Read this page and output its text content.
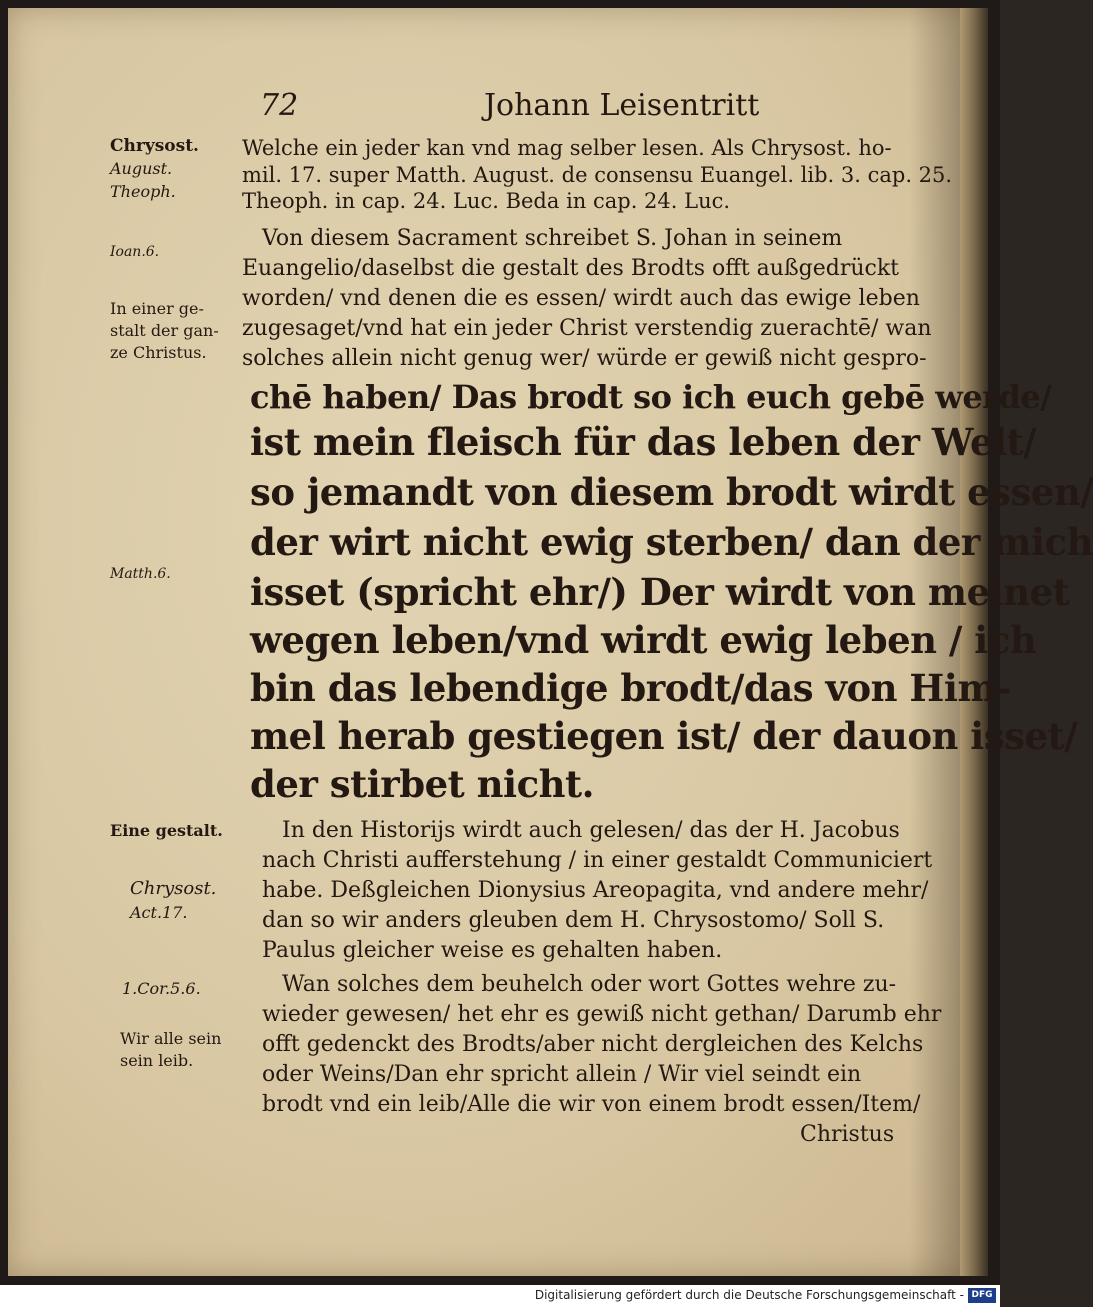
72	Johann Leisentritt
Chrysost.
August.
Theoph.
Ioan.6.
In einer ge-
stalt der gan-
ze Christus.
Matth.6.
Eine gestalt.
Chrysost.
Act.17.
1.Cor.5.6.
Wir alle sein
sein leib.
Welche ein jeder kan vnd mag selber lesen. Als Chrysost. ho-
mil. 17. super Matth. August. de consensu Euangel. lib. 3. cap. 25.
Theoph. in cap. 24. Luc. Beda in cap. 24. Luc.
Von diesem Sacrament schreibet S. Johan in seinem
Euangelio/daselbst die gestalt des Brodts offt außgedrückt
worden/ vnd denen die es essen/ wirdt auch das ewige leben
zugesaget/vnd hat ein jeder Christ verstendig zuerachtē/ wan
solches allein nicht genug wer/ würde er gewiß nicht gespro-
chē haben/ Das brodt so ich euch gebē werde/
ist mein fleisch für das leben der Welt/
so jemandt von diesem brodt wirdt essen/
der wirt nicht ewig sterben/ dan der mich
isset (spricht ehr/) Der wirdt von meinet
wegen leben/vnd wirdt ewig leben / ich
bin das lebendige brodt/das von Him-
mel herab gestiegen ist/ der dauon isset/
der stirbet nicht.
In den Historijs wirdt auch gelesen/ das der H. Jacobus
nach Christi aufferstehung / in einer gestaldt Communiciert
habe. Deßgleichen Dionysius Areopagita, vnd andere mehr/
dan so wir anders gleuben dem H. Chrysostomo/ Soll S.
Paulus gleicher weise es gehalten haben.
Wan solches dem beuhelch oder wort Gottes wehre zu-
wieder gewesen/ het ehr es gewiß nicht gethan/ Darumb ehr
offt gedenckt des Brodts/aber nicht dergleichen des Kelchs
oder Weins/Dan ehr spricht allein / Wir viel seindt ein
brodt vnd ein leib/Alle die wir von einem brodt essen/Item/
Christus
Digitalisierung gefördert durch die Deutsche Forschungsgemeinschaft - DFG
